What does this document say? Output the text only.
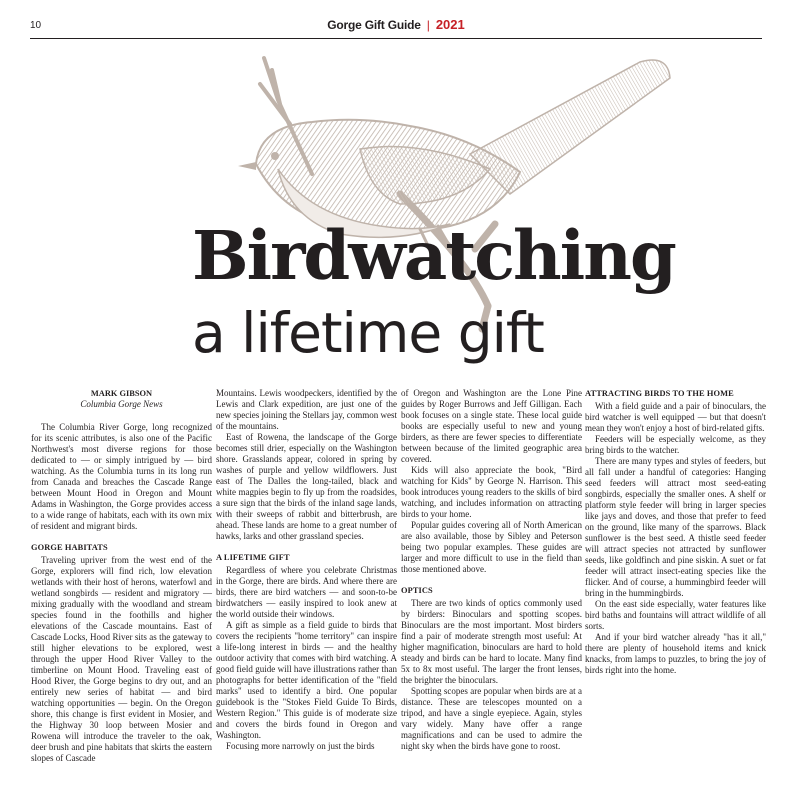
10	Gorge Gift Guide | 2021
Birdwatching
a lifetime gift
MARK GIBSON
Columbia Gorge News

The Columbia River Gorge, long recognized for its scenic attributes, is also one of the Pacific Northwest's most diverse regions for those dedicated to — or simply intrigued by — bird watching. As the Columbia turns in its long run from Canada and breaches the Cascade Range between Mount Hood in Oregon and Mount Adams in Washington, the Gorge provides access to a wide range of habitats, each with its own mix of resident and migrant birds.

GORGE HABITATS

Traveling upriver from the west end of the Gorge, explorers will find rich, low elevation wetlands with their host of herons, waterfowl and wetland songbirds — resident and migratory — mixing gradually with the woodland and stream species found in the foothills and higher elevations of the Cascade mountains. East of Cascade Locks, Hood River sits as the gateway to still higher elevations to be explored, west through the upper Hood River Valley to the timberline on Mount Hood. Traveling east of Hood River, the Gorge begins to dry out, and an entirely new series of habitat — and bird watching opportunities — begin. On the Oregon shore, this change is first evident in Mosier, and the Highway 30 loop between Mosier and Rowena will introduce the traveler to the oak, deer brush and pine habitats that skirts the eastern slopes of Cascade

Mountains. Lewis woodpeckers, identified by the Lewis and Clark expedition, are just one of the new species joining the Stellars jay, common west of the mountains.

East of Rowena, the landscape of the Gorge becomes still drier, especially on the Washington shore. Grasslands appear, colored in spring by washes of purple and yellow wildflowers. Just east of The Dalles the long-tailed, black and white magpies begin to fly up from the roadsides, a sure sign that the birds of the inland sage lands, with their sweeps of rabbit and bitterbrush, are ahead. These lands are home to a great number of hawks, larks and other grassland species.

A LIFETIME GIFT

Regardless of where you celebrate Christmas in the Gorge, there are birds. And where there are birds, there are bird watchers — and soon-to-be birdwatchers — easily inspired to look anew at the world outside their windows.

A gift as simple as a field guide to birds that covers the recipients "home territory" can inspire a life-long interest in birds — and the healthy outdoor activity that comes with bird watching. A good field guide will have illustrations rather than photographs for better identification of the "field marks" used to identify a bird. One popular guidebook is the "Stokes Field Guide To Birds, Western Region." This guide is of moderate size and covers the birds found in Oregon and Washington.

Focusing more narrowly on just the birds

of Oregon and Washington are the Lone Pine guides by Roger Burrows and Jeff Gilligan. Each book focuses on a single state. These local guide books are especially useful to new and young birders, as there are fewer species to differentiate between because of the limited geographic area covered.

Kids will also appreciate the book, "Bird watching for Kids" by George N. Harrison. This book introduces young readers to the skills of bird watching, and includes information on attracting birds to your home.

Popular guides covering all of North American are also available, those by Sibley and Peterson being two popular examples. These guides are larger and more difficult to use in the field than those mentioned above.

OPTICS

There are two kinds of optics commonly used by birders: Binoculars and spotting scopes. Binoculars are the most important. Most birders find a pair of moderate strength most useful: At higher magnification, binoculars are hard to hold steady and birds can be hard to locate. Many find 5x to 8x most useful. The larger the front lenses, the brighter the binoculars.

Spotting scopes are popular when birds are at a distance. These are telescopes mounted on a tripod, and have a single eyepiece. Again, styles vary widely. Many have offer a range magnifications and can be used to admire the night sky when the birds have gone to roost.

ATTRACTING BIRDS TO THE HOME

With a field guide and a pair of binoculars, the bird watcher is well equipped — but that doesn't mean they won't enjoy a host of bird-related gifts.

Feeders will be especially welcome, as they bring birds to the watcher.

There are many types and styles of feeders, but all fall under a handful of categories: Hanging seed feeders will attract most seed-eating songbirds, especially the smaller ones. A shelf or platform style feeder will bring in larger species like jays and doves, and those that prefer to feed on the ground, like many of the sparrows. Black sunflower is the best seed. A thistle seed feeder will attract species not attracted by sunflower seeds, like goldfinch and pine siskin. A suet or fat feeder will attract insect-eating species like the flicker. And of course, a hummingbird feeder will bring in the hummingbirds.

On the east side especially, water features like bird baths and fountains will attract wildlife of all sorts.

And if your bird watcher already "has it all," there are plenty of household items and knick knacks, from lamps to puzzles, to bring the joy of birds right into the home.
